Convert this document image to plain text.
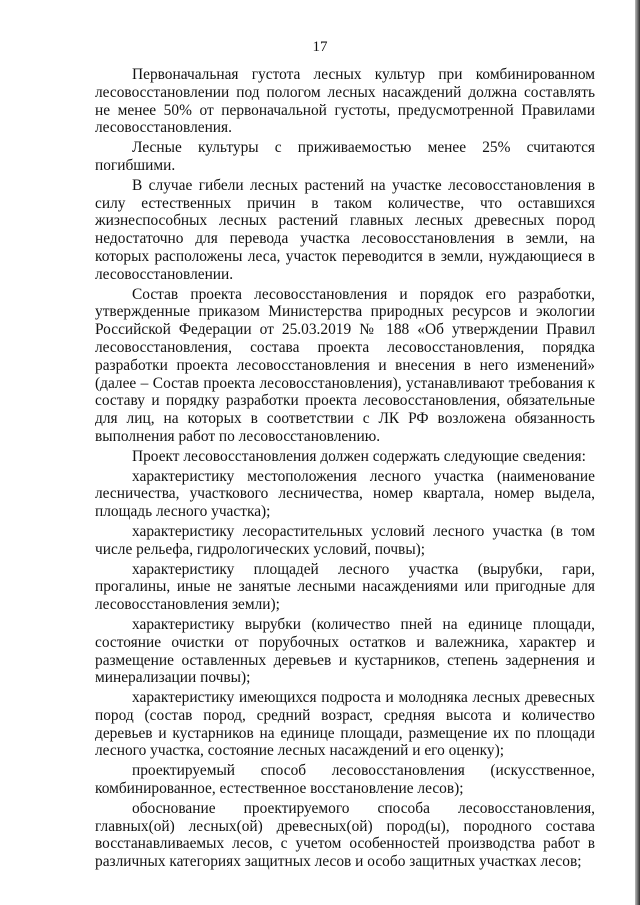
17

Первоначальная густота лесных культур при комбинированном лесовосстановлении под пологом лесных насаждений должна составлять не менее 50% от первоначальной густоты, предусмотренной Правилами лесовосстановления.

Лесные культуры с приживаемостью менее 25% считаются погибшими.

В случае гибели лесных растений на участке лесовосстановления в силу естественных причин в таком количестве, что оставшихся жизнеспособных лесных растений главных лесных древесных пород недостаточно для перевода участка лесовосстановления в земли, на которых расположены леса, участок переводится в земли, нуждающиеся в лесовосстановлении.

Состав проекта лесовосстановления и порядок его разработки, утвержденные приказом Министерства природных ресурсов и экологии Российской Федерации от 25.03.2019 № 188 «Об утверждении Правил лесовосстановления, состава проекта лесовосстановления, порядка разработки проекта лесовосстановления и внесения в него изменений» (далее – Состав проекта лесовосстановления), устанавливают требования к составу и порядку разработки проекта лесовосстановления, обязательные для лиц, на которых в соответствии с ЛК РФ возложена обязанность выполнения работ по лесовосстановлению.

Проект лесовосстановления должен содержать следующие сведения:

характеристику местоположения лесного участка (наименование лесничества, участкового лесничества, номер квартала, номер выдела, площадь лесного участка);

характеристику лесорастительных условий лесного участка (в том числе рельефа, гидрологических условий, почвы);

характеристику площадей лесного участка (вырубки, гари, прогалины, иные не занятые лесными насаждениями или пригодные для лесовосстановления земли);

характеристику вырубки (количество пней на единице площади, состояние очистки от порубочных остатков и валежника, характер и размещение оставленных деревьев и кустарников, степень задернения и минерализации почвы);

характеристику имеющихся подроста и молодняка лесных древесных пород (состав пород, средний возраст, средняя высота и количество деревьев и кустарников на единице площади, размещение их по площади лесного участка, состояние лесных насаждений и его оценку);

проектируемый способ лесовосстановления (искусственное, комбинированное, естественное восстановление лесов);

обоснование проектируемого способа лесовосстановления, главных(ой) лесных(ой) древесных(ой) пород(ы), породного состава восстанавливаемых лесов, с учетом особенностей производства работ в различных категориях защитных лесов и особо защитных участках лесов;
